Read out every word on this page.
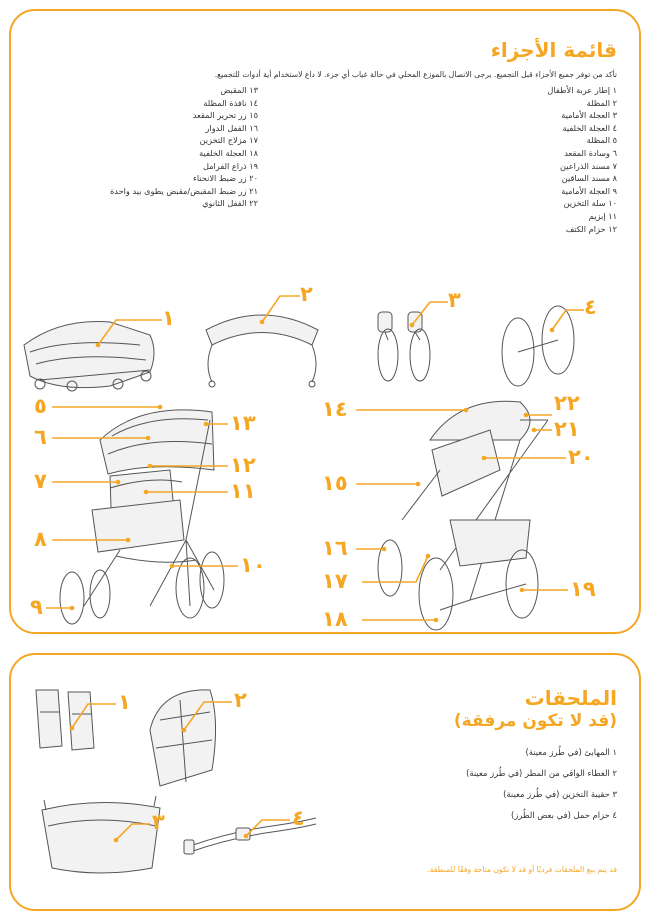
قائمة الأجزاء
تأكد من توفر جميع الأجزاء قبل التجميع. يرجى الاتصال بالموزع المحلي في حالة غياب أي جزء. لا داع لاستخدام أية أدوات للتجميع.
١ إطار عربة الأطفال
٢ المظلة
٣ العجلة الأمامية
٤ العجلة الخلفية
٥ المظلة
٦ وسادة المقعد
٧ مسند الذراعين
٨ مسند الساقين
٩ العجلة الأمامية
١٠ سلة التخزين
١١ إبزيم
١٢ حزام الكتف
١٣ المقبض
١٤ نافذة المظلة
١٥ زر تحرير المقعد
١٦ القفل الدوار
١٧ مزلاج التخزين
١٨ العجلة الخلفية
١٩ ذراع الفرامل
٢٠ زر ضبط الانحناء
٢١ زر ضبط المقبض/مقبض يطوى بيد واحدة
٢٢ القفل الثانوي
١
٢	٣	٤
٥
٦
٧
٨
٩
١٠
١١
١٢
١٣
١٤
١٥
١٦
١٧
١٨
١٩
٢٠
٢١
٢٢
الملحقات
(قد لا تكون مرفقة)
١ المهايئ (في طُرز معينة)
٢ الغطاء الواقي من المطر (في طُرز معينة)
٣ حقيبة التخزين (في طُرز معينة)
٤ حزام حمل (في بعض الطُرز)
قد يتم بيع الملحقات فرديًا أو قد لا تكون متاحة وفقًا للمنطقة.
١	٢
٣	٤
